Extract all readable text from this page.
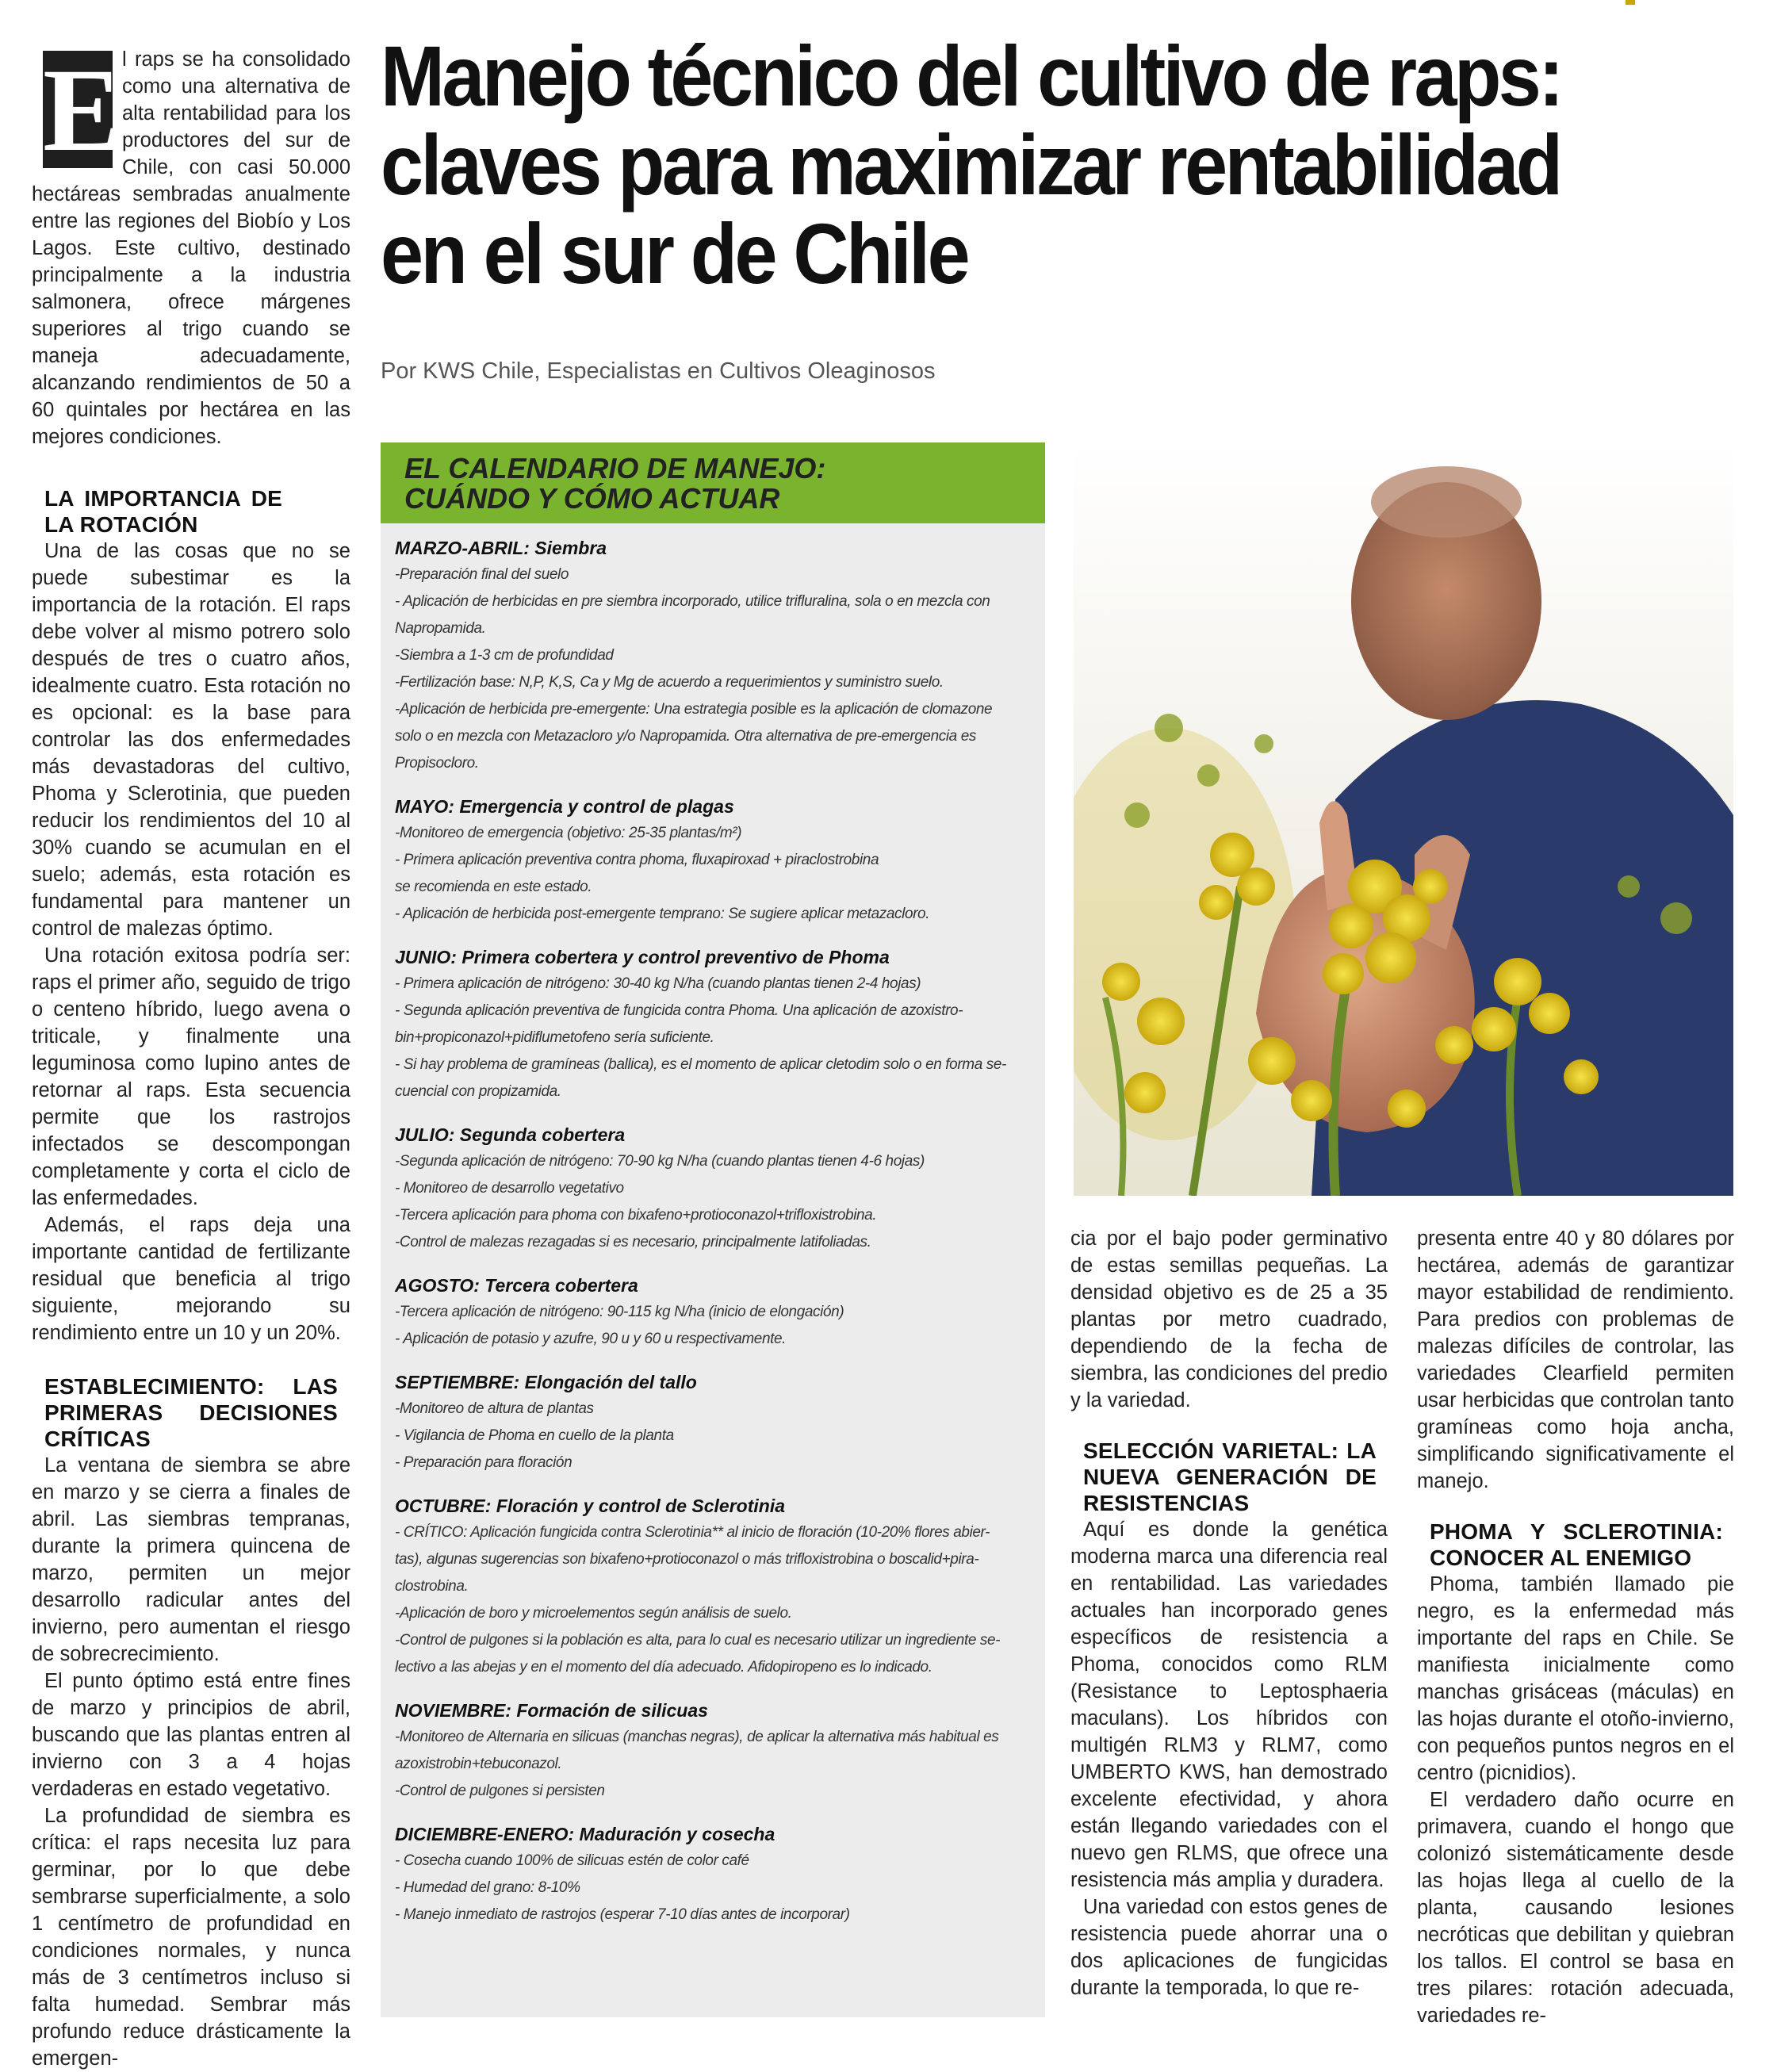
E l raps se ha consolidado como una alternativa de alta rentabilidad para los productores del sur de Chile, con casi 50.000 hectáreas sembradas anualmente entre las regiones del Biobío y Los Lagos. Este cultivo, destinado principalmente a la industria salmonera, ofrece márgenes superiores al trigo cuando se maneja adecuadamente, alcanzando rendimientos de 50 a 60 quintales por hectárea en las mejores condiciones.

LA IMPORTANCIA DE LA ROTACIÓN

Una de las cosas que no se puede subestimar es la importancia de la rotación. El raps debe volver al mismo potrero solo después de tres o cuatro años, idealmente cuatro. Esta rotación no es opcional: es la base para controlar las dos enfermedades más devastadoras del cultivo, Phoma y Sclerotinia, que pueden reducir los rendimientos del 10 al 30% cuando se acumulan en el suelo; además, esta rotación es fundamental para mantener un control de malezas óptimo.

Una rotación exitosa podría ser: raps el primer año, seguido de trigo o centeno híbrido, luego avena o triticale, y finalmente una leguminosa como lupino antes de retornar al raps. Esta secuencia permite que los rastrojos infectados se descompongan completamente y corta el ciclo de las enfermedades.

Además, el raps deja una importante cantidad de fertilizante residual que beneficia al trigo siguiente, mejorando su rendimiento entre un 10 y un 20%.

ESTABLECIMIENTO: LAS PRIMERAS DECISIONES CRÍTICAS

La ventana de siembra se abre en marzo y se cierra a finales de abril. Las siembras tempranas, durante la primera quincena de marzo, permiten un mejor desarrollo radicular antes del invierno, pero aumentan el riesgo de sobrecrecimiento.

El punto óptimo está entre fines de marzo y principios de abril, buscando que las plantas entren al invierno con 3 a 4 hojas verdaderas en estado vegetativo.

La profundidad de siembra es crítica: el raps necesita luz para germinar, por lo que debe sembrarse superficialmente, a solo 1 centímetro de profundidad en condiciones normales, y nunca más de 3 centímetros incluso si falta humedad. Sembrar más profundo reduce drásticamente la emergen-

Manejo técnico del cultivo de raps: claves para maximizar rentabilidad en el sur de Chile

Por KWS Chile, Especialistas en Cultivos Oleaginosos

EL CALENDARIO DE MANEJO:
CUÁNDO Y CÓMO ACTUAR

MARZO-ABRIL: Siembra

-Preparación final del suelo

- Aplicación de herbicidas en pre siembra incorporado, utilice trifluralina, sola o en mezcla con

Napropamida.

-Siembra a 1-3 cm de profundidad

-Fertilización base: N,P, K,S, Ca y Mg de acuerdo a requerimientos y suministro suelo.

-Aplicación de herbicida pre-emergente: Una estrategia posible es la aplicación de clomazone

solo o en mezcla con Metazacloro y/o Napropamida. Otra alternativa de pre-emergencia es

Propisocloro.

MAYO: Emergencia y control de plagas

-Monitoreo de emergencia (objetivo: 25-35 plantas/m²)

- Primera aplicación preventiva contra phoma, fluxapiroxad + piraclostrobina

se recomienda en este estado.

- Aplicación de herbicida post-emergente temprano: Se sugiere aplicar metazacloro.

JUNIO: Primera cobertera y control preventivo de Phoma

- Primera aplicación de nitrógeno: 30-40 kg N/ha (cuando plantas tienen 2-4 hojas)

- Segunda aplicación preventiva de fungicida contra Phoma. Una aplicación de azoxistro-

bin+propiconazol+pidiflumetofeno sería suficiente.

- Si hay problema de gramíneas (ballica), es el momento de aplicar cletodim solo o en forma se-

cuencial con propizamida.

JULIO: Segunda cobertera

-Segunda aplicación de nitrógeno: 70-90 kg N/ha (cuando plantas tienen 4-6 hojas)

- Monitoreo de desarrollo vegetativo

-Tercera aplicación para phoma con bixafeno+protioconazol+trifloxistrobina.

-Control de malezas rezagadas si es necesario, principalmente latifoliadas.

AGOSTO: Tercera cobertera

-Tercera aplicación de nitrógeno: 90-115 kg N/ha (inicio de elongación)

- Aplicación de potasio y azufre, 90 u y 60 u respectivamente.

SEPTIEMBRE: Elongación del tallo

-Monitoreo de altura de plantas

- Vigilancia de Phoma en cuello de la planta

- Preparación para floración

OCTUBRE: Floración y control de Sclerotinia

- CRÍTICO: Aplicación fungicida contra Sclerotinia** al inicio de floración (10-20% flores abier-

tas), algunas sugerencias son bixafeno+protioconazol o más trifloxistrobina o boscalid+pira-

clostrobina.

-Aplicación de boro y microelementos según análisis de suelo.

-Control de pulgones si la población es alta, para lo cual es necesario utilizar un ingrediente se-

lectivo a las abejas y en el momento del día adecuado. Afidopiropeno es lo indicado.

NOVIEMBRE: Formación de silicuas

-Monitoreo de Alternaria en silicuas (manchas negras), de aplicar la alternativa más habitual es

azoxistrobin+tebuconazol.

-Control de pulgones si persisten

DICIEMBRE-ENERO: Maduración y cosecha

- Cosecha cuando 100% de silicuas estén de color café

- Humedad del grano: 8-10%

- Manejo inmediato de rastrojos (esperar 7-10 días antes de incorporar)

cia por el bajo poder germinativo de estas semillas pequeñas. La densidad objetivo es de 25 a 35 plantas por metro cuadrado, dependiendo de la fecha de siembra, las condiciones del predio y la variedad.

SELECCIÓN VARIETAL: LA NUEVA GENERACIÓN DE RESISTENCIAS

Aquí es donde la genética moderna marca una diferencia real en rentabilidad. Las variedades actuales han incorporado genes específicos de resistencia a Phoma, conocidos como RLM (Resistance to Leptosphaeria maculans). Los híbridos con multigén RLM3 y RLM7, como UMBERTO KWS, han demostrado excelente efectividad, y ahora están llegando variedades con el nuevo gen RLMS, que ofrece una resistencia más amplia y duradera.

Una variedad con estos genes de resistencia puede ahorrar una o dos aplicaciones de fungicidas durante la temporada, lo que re-

presenta entre 40 y 80 dólares por hectárea, además de garantizar mayor estabilidad de rendimiento. Para predios con problemas de malezas difíciles de controlar, las variedades Clearfield permiten usar herbicidas que controlan tanto gramíneas como hoja ancha, simplificando significativamente el manejo.

PHOMA Y SCLEROTINIA: CONOCER AL ENEMIGO

Phoma, también llamado pie negro, es la enfermedad más importante del raps en Chile. Se manifiesta inicialmente como manchas grisáceas (máculas) en las hojas durante el otoño-invierno, con pequeños puntos negros en el centro (picnidios).

El verdadero daño ocurre en primavera, cuando el hongo que colonizó sistemáticamente desde las hojas llega al cuello de la planta, causando lesiones necróticas que debilitan y quiebran los tallos. El control se basa en tres pilares: rotación adecuada, variedades re-
